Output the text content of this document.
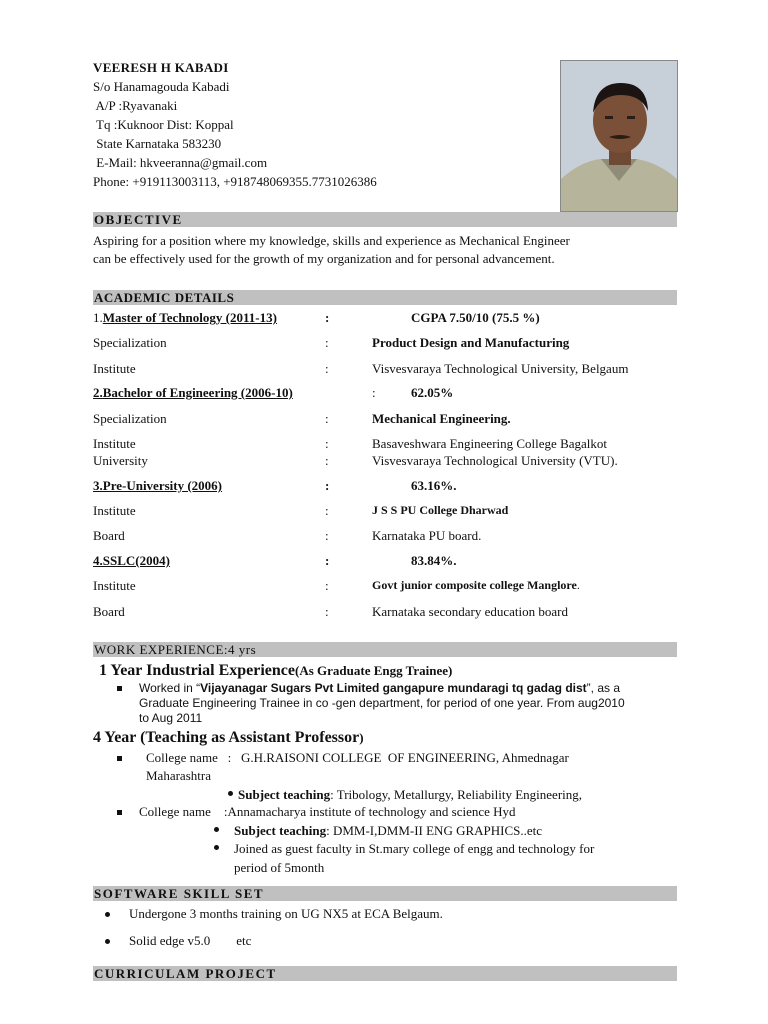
VEERESH H KABADI
S/o Hanamagouda Kabadi
A/P :Ryavanaki
Tq :Kuknoor Dist: Koppal
State Karnataka 583230
E-Mail: hkveeranna@gmail.com
Phone: +919113003113, +918748069355.7731026386
OBJECTIVE
Aspiring for a position where my knowledge, skills and experience as Mechanical Engineer
can be effectively used for the growth of my organization and for personal advancement.
ACADEMIC DETAILS
1.Master of Technology (2011-13)	:	CGPA 7.50/10 (75.5 %)
Specialization	:	Product Design and Manufacturing
Institute	:	Visvesvaraya Technological University, Belgaum
2.Bachelor of Engineering (2006-10)	:	62.05%
Specialization	:	Mechanical Engineering.
Institute	:	Basaveshwara Engineering College Bagalkot
University	:	Visvesvaraya Technological University (VTU).
3.Pre-University (2006)	:	63.16%.
Institute	:	J S S PU College Dharwad
Board	:	Karnataka PU board.
4.SSLC(2004)	:	83.84%.
Institute	:	Govt junior composite college Manglore.
Board	:	Karnataka secondary education board
WORK EXPERIENCE:4 yrs
1 Year Industrial Experience(As Graduate Engg Trainee)
Worked in “Vijayanagar Sugars Pvt Limited gangapure mundaragi tq gadag dist”, as a
Graduate Engineering Trainee in co -gen department, for period of one year. From aug2010
to Aug 2011
4 Year (Teaching as Assistant Professor)
College name   :   G.H.RAISONI COLLEGE  OF ENGINEERING, Ahmednagar
Maharashtra
Subject teaching: Tribology, Metallurgy, Reliability Engineering,
College name    :Annamacharya institute of technology and science Hyd
Subject teaching: DMM-I,DMM-II ENG GRAPHICS..etc
Joined as guest faculty in St.mary college of engg and technology for
period of 5month
SOFTWARE SKILL SET
Undergone 3 months training on UG NX5 at ECA Belgaum.
Solid edge v5.0        etc
CURRICULAM PROJECT
